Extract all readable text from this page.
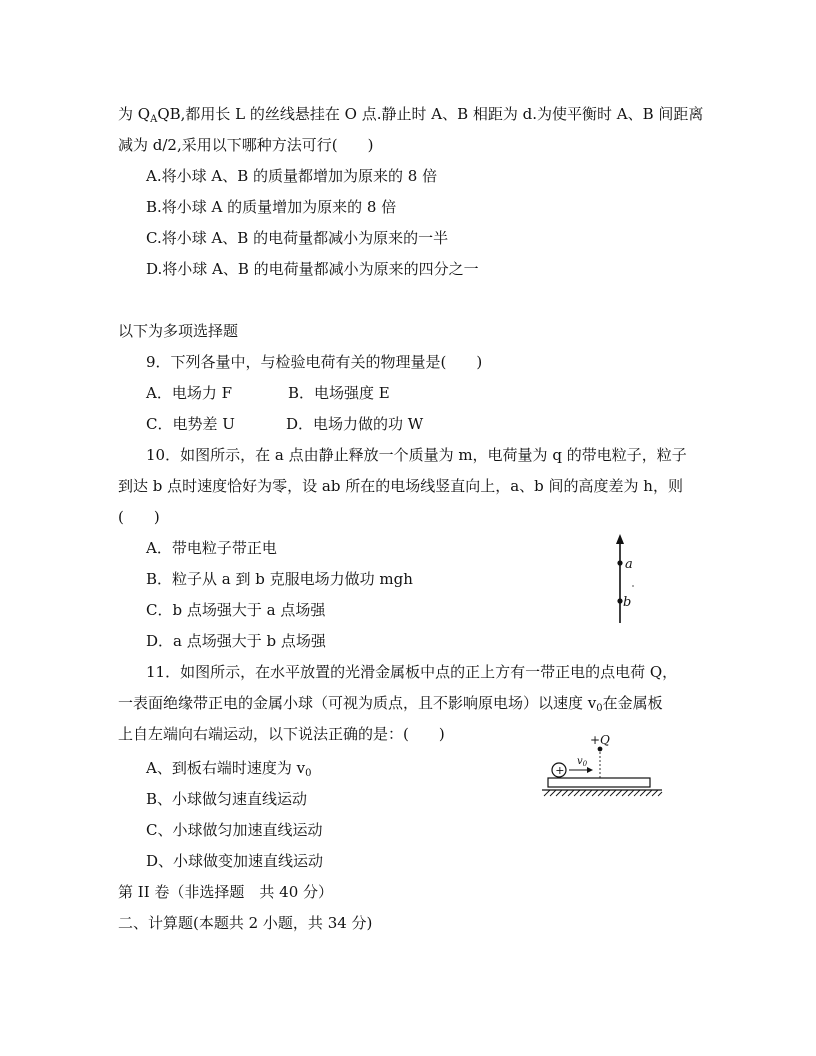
为 $Q_AQB$,都用长 L 的丝线悬挂在 O 点.静止时 A、B 相距为 d.为使平衡时 A、B 间距离
减为 d/2,采用以下哪种方法可行(　　)
A.将小球 A、B 的质量都增加为原来的 8 倍
B.将小球 A 的质量增加为原来的 8 倍
C.将小球 A、B 的电荷量都减小为原来的一半
D.将小球 A、B 的电荷量都减小为原来的四分之一
以下为多项选择题
9．下列各量中，与检验电荷有关的物理量是(　　)
A．电场力 F	B．电场强度 E
C．电势差 U	D．电场力做的功 W
10．如图所示，在 a 点由静止释放一个质量为 m，电荷量为 q 的带电粒子，粒子
到达 b 点时速度恰好为零，设 ab 所在的电场线竖直向上，a、b 间的高度差为 h，则
(　　)
A．带电粒子带正电
B．粒子从 a 到 b 克服电场力做功 mgh
C．b 点场强大于 a 点场强
D．a 点场强大于 b 点场强
a
b
11．如图所示，在水平放置的光滑金属板中点的正上方有一带正电的点电荷 Q，
一表面绝缘带正电的金属小球（可视为质点，且不影响原电场）以速度 $v_0$在金属板
上自左端向右端运动，以下说法正确的是：(　　)
A、到板右端时速度为 $v_0$
B、小球做匀速直线运动
C、小球做匀加速直线运动
D、小球做变加速直线运动
+Q
+
$v_0$
第 II 卷（非选择题　共 40 分）
二、计算题(本题共 2 小题，共 34 分)
